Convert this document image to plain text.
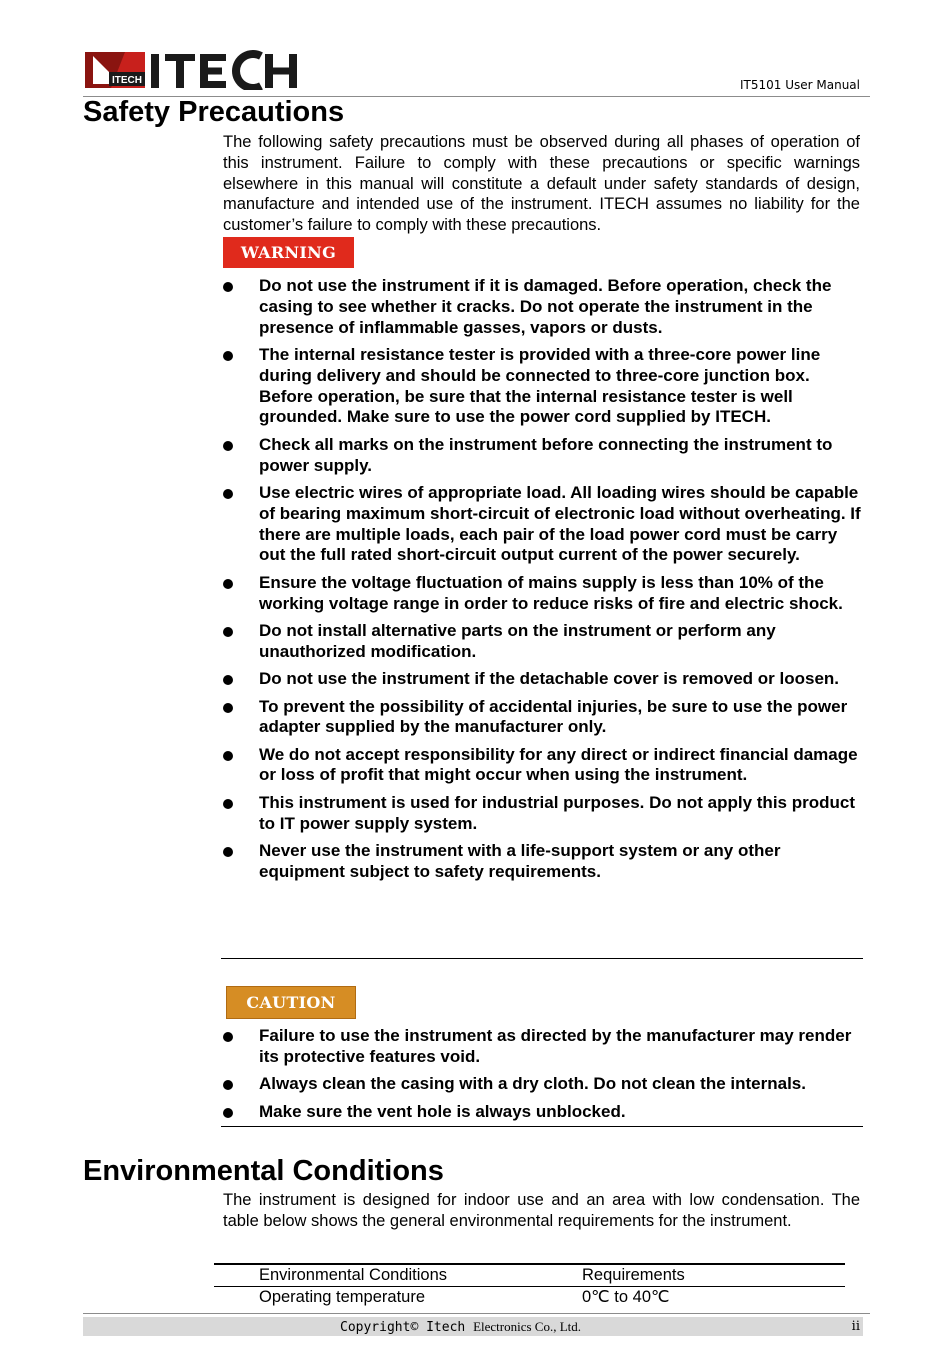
ITECH	IT5101 User Manual
Safety Precautions

The following safety precautions must be observed during all phases of operation of this instrument. Failure to comply with these precautions or specific warnings elsewhere in this manual will constitute a default under safety standards of design, manufacture and intended use of the instrument. ITECH assumes no liability for the customer’s failure to comply with these precautions.

WARNING
Do not use the instrument if it is damaged. Before operation, check the casing to see whether it cracks. Do not operate the instrument in the presence of inflammable gasses, vapors or dusts.
The internal resistance tester is provided with a three-core power line during delivery and should be connected to three-core junction box. Before operation, be sure that the internal resistance tester is well grounded. Make sure to use the power cord supplied by ITECH.
Check all marks on the instrument before connecting the instrument to power supply.
Use electric wires of appropriate load. All loading wires should be capable of bearing maximum short-circuit of electronic load without overheating. If there are multiple loads, each pair of the load power cord must be carry out the full rated short-circuit output current of the power securely.
Ensure the voltage fluctuation of mains supply is less than 10% of the working voltage range in order to reduce risks of fire and electric shock.
Do not install alternative parts on the instrument or perform any unauthorized modification.
Do not use the instrument if the detachable cover is removed or loosen.
To prevent the possibility of accidental injuries, be sure to use the power adapter supplied by the manufacturer only.
We do not accept responsibility for any direct or indirect financial damage or loss of profit that might occur when using the instrument.
This instrument is used for industrial purposes. Do not apply this product to IT power supply system.
Never use the instrument with a life-support system or any other equipment subject to safety requirements.
CAUTION
Failure to use the instrument as directed by the manufacturer may render its protective features void.
Always clean the casing with a dry cloth. Do not clean the internals.
Make sure the vent hole is always unblocked.
Environmental Conditions

The instrument is designed for indoor use and an area with low condensation. The table below shows the general environmental requirements for the instrument.

Environmental Conditions	Requirements
Operating temperature	0℃ to 40℃
Copyright© Itech Electronics Co., Ltd.	ii
